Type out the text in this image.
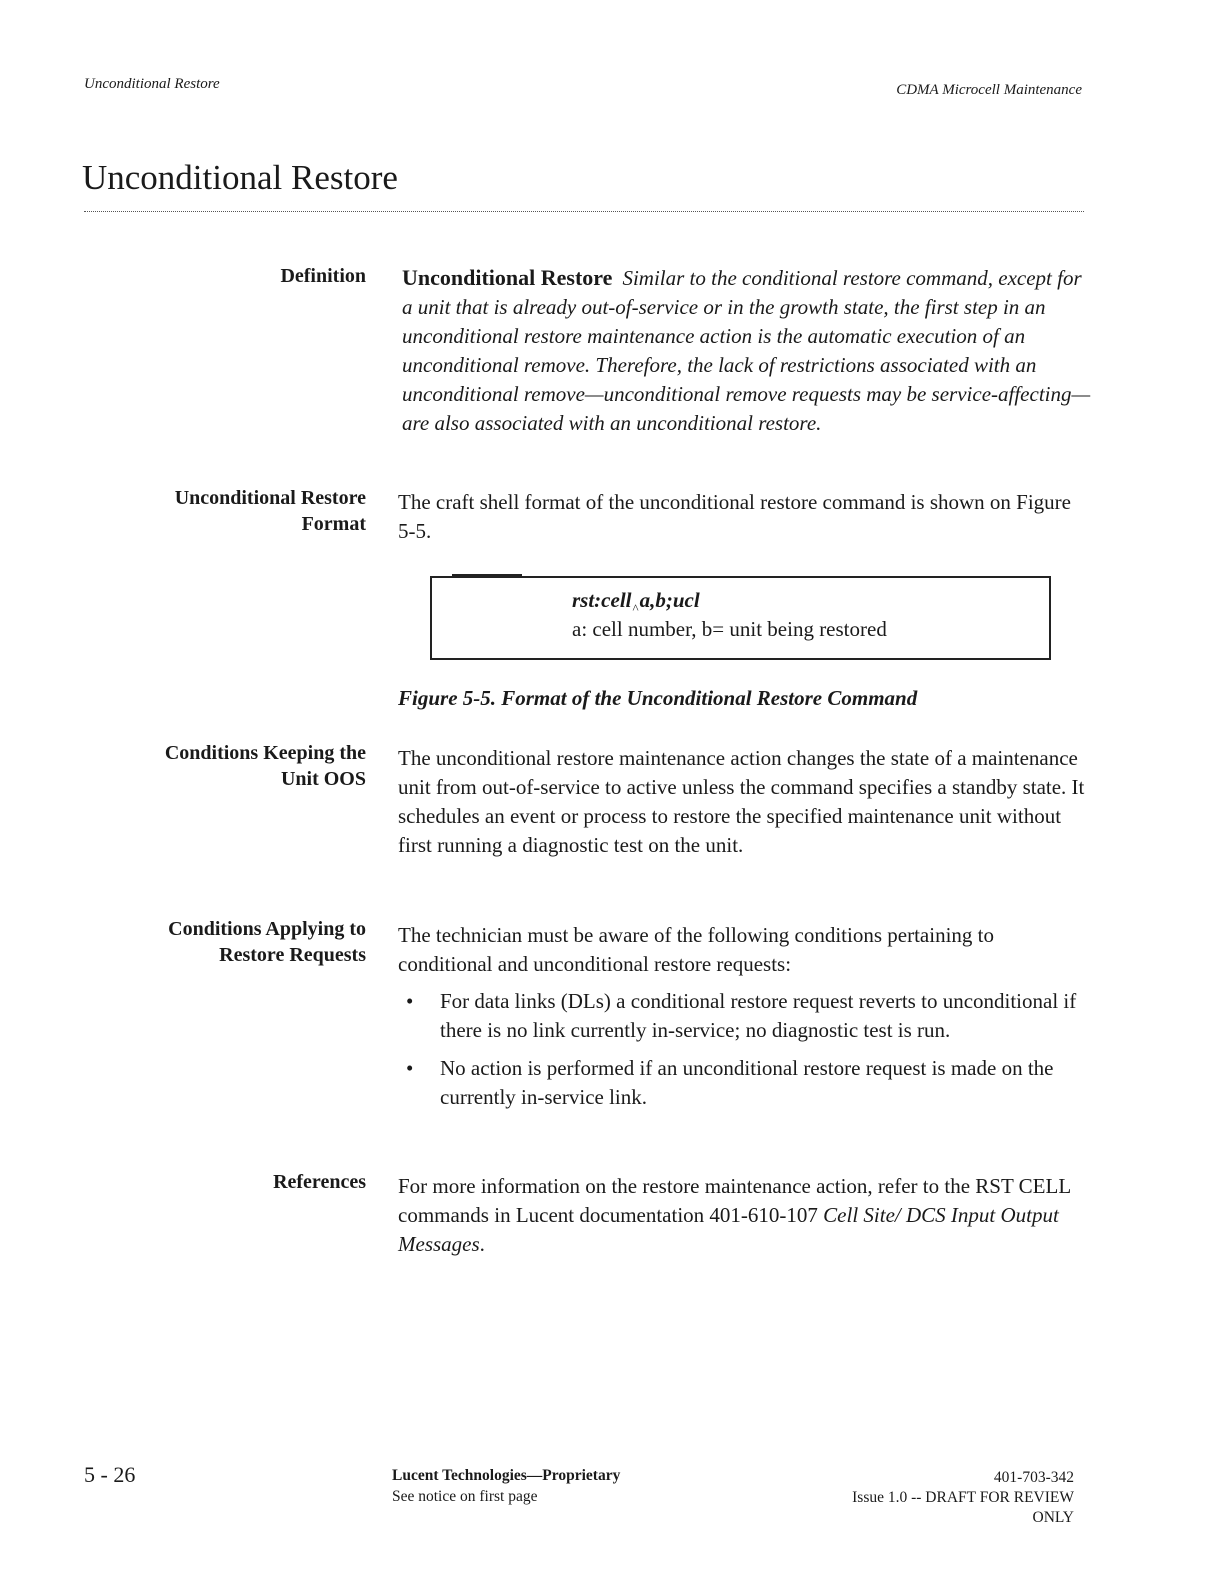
Unconditional Restore	CDMA Microcell Maintenance
Unconditional Restore
Definition Unconditional Restore Similar to the conditional restore command, except for a unit that is already out-of-service or in the growth state, the first step in an unconditional restore maintenance action is the automatic execution of an unconditional remove. Therefore, the lack of restrictions associated with an unconditional remove—unconditional remove requests may be service-affecting—are also associated with an unconditional restore.

Unconditional Restore
Format

The craft shell format of the unconditional restore command is shown on Figure 5-5.

rst:cell$_{\^{}}$a,b;ucl
a: cell number, b= unit being restored
Figure 5-5. Format of the Unconditional Restore Command
Conditions Keeping the
Unit OOS

The unconditional restore maintenance action changes the state of a maintenance unit from out-of-service to active unless the command specifies a standby state. It schedules an event or process to restore the specified maintenance unit without first running a diagnostic test on the unit.

Conditions Applying to
Restore Requests

The technician must be aware of the following conditions pertaining to conditional and unconditional restore requests:

• For data links (DLs) a conditional restore request reverts to unconditional if there is no link currently in-service; no diagnostic test is run.
• No action is performed if an unconditional restore request is made on the currently in-service link.
References For more information on the restore maintenance action, refer to the RST CELL commands in Lucent documentation 401-610-107 Cell Site/ DCS Input Output Messages.

5 - 26	Lucent Technologies—Proprietary
See notice on first page
401-703-342
Issue 1.0 -- DRAFT FOR REVIEW
ONLY
